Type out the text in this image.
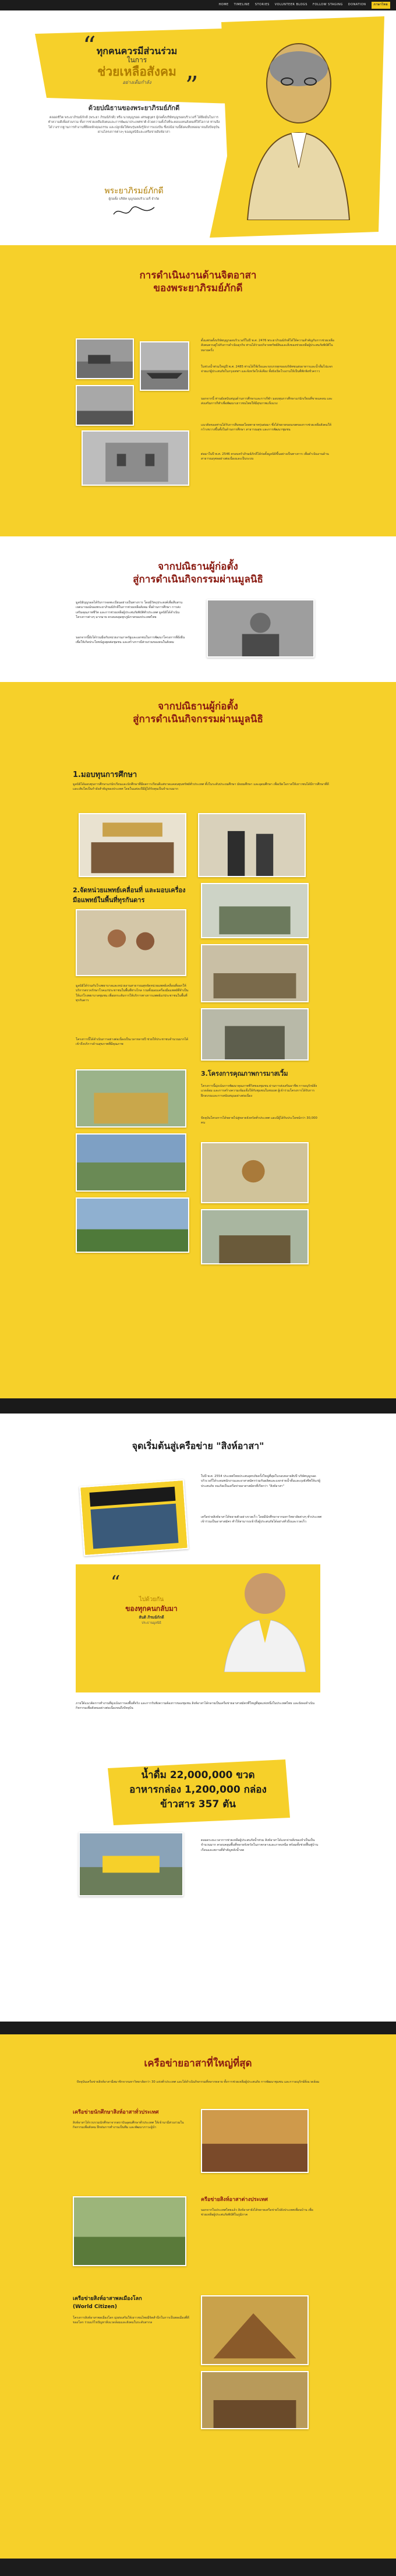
HOME TIMELINE STORIES VOLUNTEER BLOGS FOLLOW STAGING DONATION	ภาษาไทย
“
”
ทุกคนควรมีส่วนร่วม
ในการ
ช่วยเหลือสังคม
อย่างเต็มกำลัง
ด้วยปณิธานของพระยาภิรมย์ภักดี
ตลอดชีวิต พระยาภิรมย์ภักดี (พระยา ภิรมย์ภักดี) หรือ นายบุญรอด เศรษฐบุตร ผู้ก่อตั้งบริษัทบุญรอดบริวเวอรี่ ได้ยึดมั่นในการทำความดีเพื่อส่วนรวม ทั้งการช่วยเหลือสังคมและการพัฒนาประเทศชาติ ด้วยความตั้งใจที่จะตอบแทนสังคมที่ให้โอกาส ท่านจึงได้วางรากฐานการทำงานที่ยึดหลักคุณธรรม และปลูกฝังให้คนรุ่นหลังรู้จักการแบ่งปัน ซึ่งปณิธานนี้ยังคงสืบทอดมาจนถึงปัจจุบันผ่านโครงการต่างๆ ของมูลนิธิและเครือข่ายสิงห์อาสา
พระยาภิรมย์ภักดี
ผู้ก่อตั้ง บริษัท บุญรอดบริวเวอรี่ จำกัด
การดำเนินงานด้านจิตอาสา
ของพระยาภิรมย์ภักดี
ตั้งแต่ก่อตั้งบริษัทบุญรอดบริวเวอรี่ในปี พ.ศ. 2476 พระยาภิรมย์ภักดีได้ให้ความสำคัญกับการช่วยเหลือสังคมควบคู่ไปกับการดำเนินธุรกิจ ท่านได้ร่วมบริจาคทรัพย์สินและสิ่งของช่วยเหลือผู้ประสบภัยพิบัติในหลายครั้ง
ในช่วงน้ำท่วมใหญ่ปี พ.ศ. 2485 ท่านได้ใช้เรือและรถบรรทุกของบริษัทขนส่งอาหารและน้ำดื่มไปแจกจ่ายแก่ผู้ประสบภัยในกรุงเทพฯ และจังหวัดใกล้เคียง ทั้งยังเปิดโรงงานให้เป็นที่พักพิงชั่วคราว
นอกจากนี้ ท่านยังสนับสนุนด้านการศึกษาและการกีฬา มอบทุนการศึกษาแก่นักเรียนที่ขาดแคลน และส่งเสริมการกีฬาเพื่อพัฒนาเยาวชนไทยให้มีสุขภาพแข็งแรง
แนวคิดของท่านได้รับการสืบทอดโดยทายาทรุ่นต่อมา ซึ่งได้ขยายขอบเขตของการช่วยเหลือสังคมให้กว้างขวางขึ้นทั้งในด้านการศึกษา สาธารณสุข และการพัฒนาชุมชน
ต่อมาในปี พ.ศ. 2546 ครอบครัวภิรมย์ภักดีได้ก่อตั้งมูลนิธิขึ้นอย่างเป็นทางการ เพื่อดำเนินงานด้านสาธารณกุศลอย่างต่อเนื่องและเป็นระบบ
จากปณิธานผู้ก่อตั้ง
สู่การดำเนินกิจกรรมผ่านมูลนิธิ
มูลนิธิบุญรอดได้รับการจดทะเบียนอย่างเป็นทางการ โดยมีวัตถุประสงค์เพื่อสืบสานเจตนารมณ์ของพระยาภิรมย์ภักดีในการช่วยเหลือสังคม ทั้งด้านการศึกษา การส่งเสริมคุณภาพชีวิต และการช่วยเหลือผู้ประสบภัยพิบัติทั่วประเทศ มูลนิธิได้ดำเนินโครงการต่างๆ มากมาย ครอบคลุมทุกภูมิภาคของประเทศไทย
นอกจากนี้ยังได้ร่วมมือกับหน่วยงานภาครัฐและเอกชนในการพัฒนาโครงการที่ยั่งยืน เพื่อให้เกิดประโยชน์สูงสุดต่อชุมชน และสร้างการมีส่วนร่วมของคนในสังคม
จากปณิธานผู้ก่อตั้ง
สู่การดำเนินกิจกรรมผ่านมูลนิธิ
1.มอบทุนการศึกษา
มูลนิธิได้มอบทุนการศึกษาแก่นักเรียนและนักศึกษาที่มีผลการเรียนดีแต่ขาดแคลนทุนทรัพย์ทั่วประเทศ ทั้งในระดับประถมศึกษา มัธยมศึกษา และอุดมศึกษา เพื่อเปิดโอกาสให้เยาวชนได้มีการศึกษาที่ดีและเติบโตเป็นกำลังสำคัญของประเทศ โดยในแต่ละปีมีผู้ได้รับทุนเป็นจำนวนมาก
2.จัดหน่วยแพทย์เคลื่อนที่ และมอบเครื่องมือแพทย์ในพื้นที่ทุรกันดาร
มูลนิธิได้ร่วมกับโรงพยาบาลและหน่วยงานสาธารณสุขจัดหน่วยแพทย์เคลื่อนที่ออกให้บริการตรวจรักษาโรคแก่ประชาชนในพื้นที่ห่างไกล รวมทั้งมอบเครื่องมือแพทย์ที่จำเป็นให้แก่โรงพยาบาลชุมชน เพื่อยกระดับการให้บริการทางการแพทย์แก่ประชาชนในพื้นที่ทุรกันดาร
โครงการนี้ได้ดำเนินการอย่างต่อเนื่องเป็นเวลาหลายปี ช่วยให้ประชาชนจำนวนมากได้เข้าถึงบริการด้านสุขภาพที่มีคุณภาพ
3.โครงการคุณภาพการมาสเวิ้ม
โครงการนี้มุ่งเน้นการพัฒนาคุณภาพชีวิตของชุมชน ผ่านการส่งเสริมอาชีพ การอนุรักษ์สิ่งแวดล้อม และการสร้างความเข้มแข็งให้กับชุมชนในชนบท ผู้เข้าร่วมโครงการได้รับการฝึกอบรมและการสนับสนุนอย่างต่อเนื่อง
ปัจจุบันโครงการได้ขยายไปสู่หลายจังหวัดทั่วประเทศ และมีผู้ได้รับประโยชน์กว่า 30,000 คน
จุดเริ่มต้นสู่เครือข่าย "สิงห์อาสา"
ในปี พ.ศ. 2554 ประเทศไทยประสบอุทกภัยครั้งใหญ่ที่สุดในรอบหลายสิบปี บริษัทบุญรอดบริวเวอรี่ได้ระดมพนักงานและอาสาสมัครร่วมกันผลิตและแจกจ่ายน้ำดื่มและถุงยังชีพให้แก่ผู้ประสบภัย จนเกิดเป็นเครือข่ายอาสาสมัครที่เรียกว่า "สิงห์อาสา"
เครือข่ายสิงห์อาสาได้ขยายตัวอย่างรวดเร็ว โดยมีนักศึกษาจากมหาวิทยาลัยต่างๆ ทั่วประเทศเข้าร่วมเป็นอาสาสมัคร ทำให้สามารถเข้าถึงผู้ประสบภัยได้อย่างทั่วถึงและรวดเร็ว
“
ไปด้วยกัน
ของทุกคนกลับมา
สันติ ภิรมย์ภักดี
ประธานมูลนิธิ
ภายใต้แนวคิดการทำงานที่มุ่งเน้นการลงพื้นที่จริง และการรับฟังความต้องการของชุมชน สิงห์อาสาได้กลายเป็นเครือข่ายอาสาสมัครที่ใหญ่ที่สุดแห่งหนึ่งในประเทศไทย และยังคงดำเนินกิจกรรมเพื่อสังคมอย่างต่อเนื่องจนถึงปัจจุบัน
น้ำดื่ม 22,000,000 ขวด
อาหารกล่อง 1,200,000 กล่อง
ข้าวสาร 357 ตัน
ตลอดระยะเวลาการช่วยเหลือผู้ประสบภัยน้ำท่วม สิงห์อาสาได้แจกจ่ายสิ่งของจำเป็นเป็นจำนวนมาก ครอบคลุมพื้นที่หลายจังหวัดในภาคกลางและภาคเหนือ พร้อมทั้งช่วยฟื้นฟูบ้านเรือนและสถานที่สำคัญหลังน้ำลด
เครือข่ายอาสาที่ใหญ่ที่สุด
ปัจจุบันเครือข่ายสิงห์อาสามีสมาชิกจากมหาวิทยาลัยกว่า 30 แห่งทั่วประเทศ และได้ดำเนินกิจกรรมที่หลากหลาย ทั้งการช่วยเหลือผู้ประสบภัย การพัฒนาชุมชน และการอนุรักษ์สิ่งแวดล้อม
เครือข่ายนักศึกษาสิงห์อาสาทั่วประเทศ
สิงห์อาสาได้รวบรวมนักศึกษาจากสถาบันอุดมศึกษาทั่วประเทศ ให้เข้ามามีส่วนร่วมในกิจกรรมเพื่อสังคม ฝึกฝนการทำงานเป็นทีม และพัฒนาภาวะผู้นำ
ครือข่ายสิงห์อาสาต่างประเทศ
นอกจากในประเทศไทยแล้ว สิงห์อาสายังได้ขยายเครือข่ายไปยังประเทศเพื่อนบ้าน เพื่อช่วยเหลือผู้ประสบภัยพิบัติในภูมิภาค
เครือข่ายสิงห์อาสาพลเมืองโลก
(World Citizen)
โครงการสิงห์อาสาพลเมืองโลก มุ่งส่งเสริมให้เยาวชนไทยมีจิตสำนึกในการเป็นพลเมืองที่ดีของโลก ร่วมแก้ไขปัญหาสิ่งแวดล้อมและสังคมในระดับสากล
